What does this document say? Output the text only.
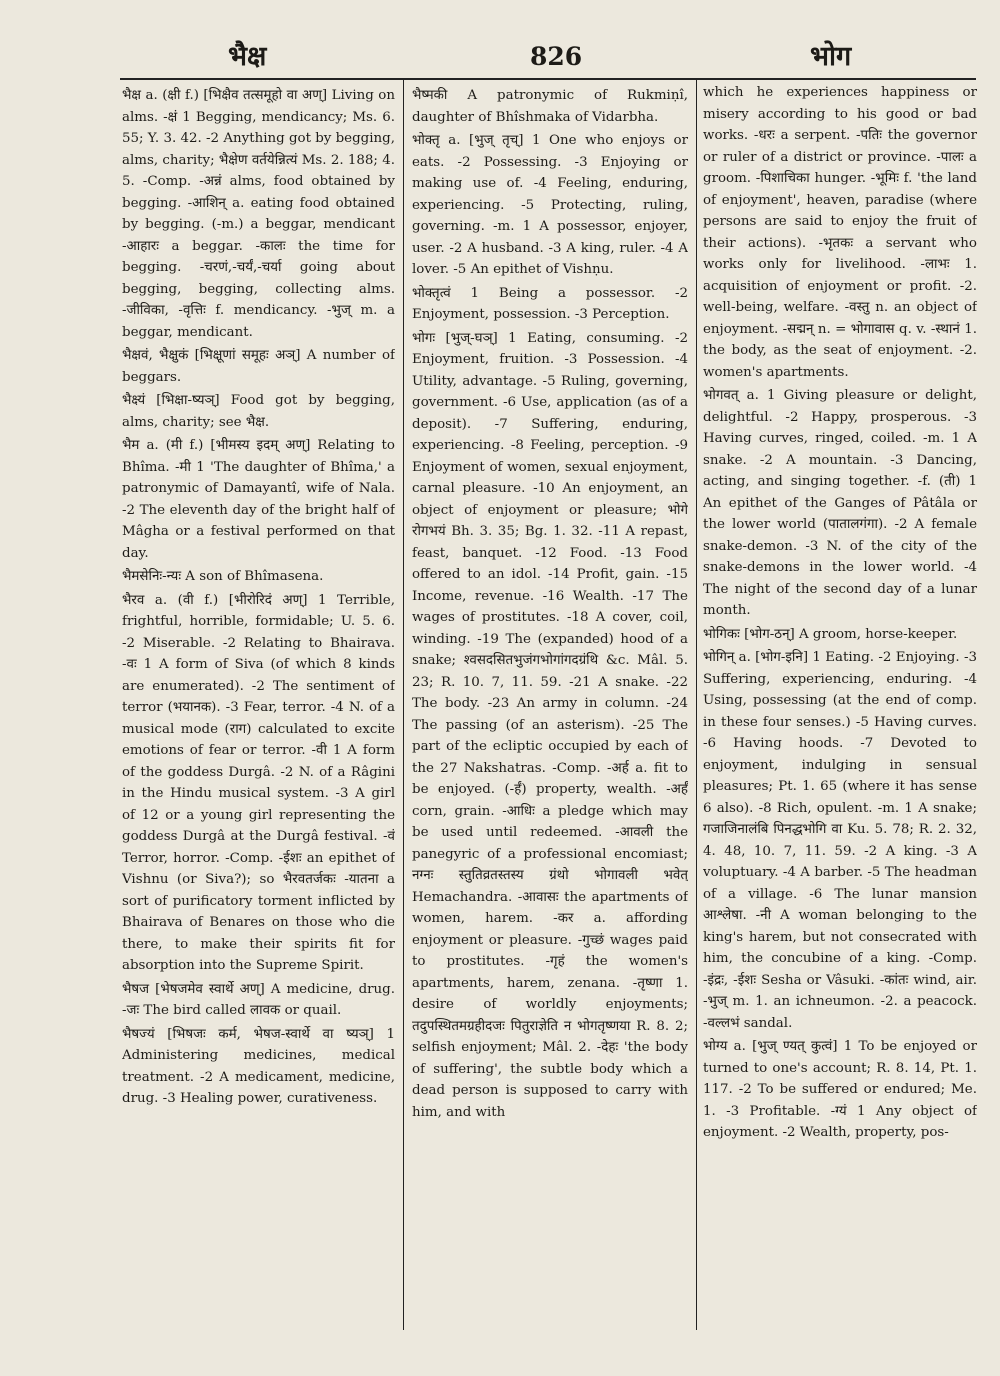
भैक्ष	826	भोग

भैक्ष a. (क्षी f.) [भिक्षैव तत्समूहो वा अण्] Living on alms. -क्षं 1 Begging, mendicancy; Ms. 6. 55; Y. 3. 42. -2 Anything got by begging, alms, charity; भैक्षेण वर्तयेन्नित्यं Ms. 2. 188; 4. 5. -Comp. -अन्नं alms, food obtained by begging. -आशिन् a. eating food obtained by begging. (-m.) a beggar, mendicant -आहारः a beggar. -कालः the time for begging. -चरणं,-चर्यं,-चर्या going about begging, begging, collecting alms. -जीविका, -वृत्तिः f. mendicancy. -भुज् m. a beggar, mendicant.

भैक्षवं, भैक्षुकं [भिक्षूणां समूहः अञ्] A number of beggars.

भैक्ष्यं [भिक्षा-ष्यञ्] Food got by begging, alms, charity; see भैक्ष.

भैम a. (मी f.) [भीमस्य इदम् अण्] Relating to Bhîma. -मी 1 'The daughter of Bhîma,' a patronymic of Damayantî, wife of Nala. -2 The eleventh day of the bright half of Mâgha or a festival performed on that day.

भैमसेनिः-न्यः A son of Bhîmasena.

भैरव a. (वी f.) [भीरोरिदं अण्] 1 Terrible, frightful, horrible, formidable; U. 5. 6. -2 Miserable. -2 Relating to Bhairava. -वः 1 A form of Siva (of which 8 kinds are enumerated). -2 The sentiment of terror (भयानक). -3 Fear, terror. -4 N. of a musical mode (राग) calculated to excite emotions of fear or terror. -वी 1 A form of the goddess Durgâ. -2 N. of a Râgini in the Hindu musical system. -3 A girl of 12 or a young girl representing the goddess Durgâ at the Durgâ festival. -वं Terror, horror. -Comp. -ईशः an epithet of Vishnu (or Siva?); so भैरवतर्जकः -यातना a sort of purificatory torment inflicted by Bhairava of Benares on those who die there, to make their spirits fit for absorption into the Supreme Spirit.

भैषज [भेषजमेव स्वार्थे अण्] A medicine, drug. -जः The bird called लावक or quail.

भैषज्यं [भिषजः कर्म, भेषज-स्वार्थे वा ष्यञ्] 1 Administering medicines, medical treatment. -2 A medicament, medicine, drug. -3 Healing power, curativeness.

भैष्मकी A patronymic of Rukmiṇî, daughter of Bhîshmaka of Vidarbha.

भोक्तृ a. [भुज् तृच्] 1 One who enjoys or eats. -2 Possessing. -3 Enjoying or making use of. -4 Feeling, enduring, experiencing. -5 Protecting, ruling, governing. -m. 1 A possessor, enjoyer, user. -2 A husband. -3 A king, ruler. -4 A lover. -5 An epithet of Vishṇu.

भोक्तृत्वं 1 Being a possessor. -2 Enjoyment, possession. -3 Perception.

भोगः [भुज्-घञ्] 1 Eating, consuming. -2 Enjoyment, fruition. -3 Possession. -4 Utility, advantage. -5 Ruling, governing, government. -6 Use, application (as of a deposit). -7 Suffering, enduring, experiencing. -8 Feeling, perception. -9 Enjoyment of women, sexual enjoyment, carnal pleasure. -10 An enjoyment, an object of enjoyment or pleasure; भोगे रोगभयं Bh. 3. 35; Bg. 1. 32. -11 A repast, feast, banquet. -12 Food. -13 Food offered to an idol. -14 Profit, gain. -15 Income, revenue. -16 Wealth. -17 The wages of prostitutes. -18 A cover, coil, winding. -19 The (expanded) hood of a snake; श्वसदसितभुजंगभोगांगदग्रंथि &c. Mâl. 5. 23; R. 10. 7, 11. 59. -21 A snake. -22 The body. -23 An army in column. -24 The passing (of an asterism). -25 The part of the ecliptic occupied by each of the 27 Nakshatras. -Comp. -अर्ह a. fit to be enjoyed. (-र्हं) property, wealth. -अर्हं corn, grain. -आधिः a pledge which may be used until redeemed. -आवली the panegyric of a professional encomiast; नग्नः स्तुतिव्रतस्तस्य ग्रंथो भोगावली भवेत् Hemachandra. -आवासः the apartments of women, harem. -कर a. affording enjoyment or pleasure. -गुच्छं wages paid to prostitutes. -गृहं the women's apartments, harem, zenana. -तृष्णा 1. desire of worldly enjoyments; तदुपस्थितमग्रहीदजः पितुराज्ञेति न भोगतृष्णया R. 8. 2; selfish enjoyment; Mâl. 2. -देहः 'the body of suffering', the subtle body which a dead person is supposed to carry with him, and with

which he experiences happiness or misery according to his good or bad works. -धरः a serpent. -पतिः the governor or ruler of a district or province. -पालः a groom. -पिशाचिका hunger. -भूमिः f. 'the land of enjoyment', heaven, paradise (where persons are said to enjoy the fruit of their actions). -भृतकः a servant who works only for livelihood. -लाभः 1. acquisition of enjoyment or profit. -2. well-being, welfare. -वस्तु n. an object of enjoyment. -सद्मन् n. = भोगावास q. v. -स्थानं 1. the body, as the seat of enjoyment. -2. women's apartments.

भोगवत् a. 1 Giving pleasure or delight, delightful. -2 Happy, prosperous. -3 Having curves, ringed, coiled. -m. 1 A snake. -2 A mountain. -3 Dancing, acting, and singing together. -f. (ती) 1 An epithet of the Ganges of Pâtâla or the lower world (पातालगंगा). -2 A female snake-demon. -3 N. of the city of the snake-demons in the lower world. -4 The night of the second day of a lunar month.

भोगिकः [भोग-ठन्] A groom, horse-keeper.

भोगिन् a. [भोग-इनि] 1 Eating. -2 Enjoying. -3 Suffering, experiencing, enduring. -4 Using, possessing (at the end of comp. in these four senses.) -5 Having curves. -6 Having hoods. -7 Devoted to enjoyment, indulging in sensual pleasures; Pt. 1. 65 (where it has sense 6 also). -8 Rich, opulent. -m. 1 A snake; गजाजिनालंबि पिनद्धभोगि वा Ku. 5. 78; R. 2. 32, 4. 48, 10. 7, 11. 59. -2 A king. -3 A voluptuary. -4 A barber. -5 The headman of a village. -6 The lunar mansion आश्लेषा. -नी A woman belonging to the king's harem, but not consecrated with him, the concubine of a king. -Comp. -इंद्रः, -ईशः Sesha or Vâsuki. -कांतः wind, air. -भुज् m. 1. an ichneumon. -2. a peacock. -वल्लभं sandal.

भोग्य a. [भुज् ण्यत् कुत्वं] 1 To be enjoyed or turned to one's account; R. 8. 14, Pt. 1. 117. -2 To be suffered or endured; Me. 1. -3 Profitable. -ग्यं 1 Any object of enjoyment. -2 Wealth, property, pos-
